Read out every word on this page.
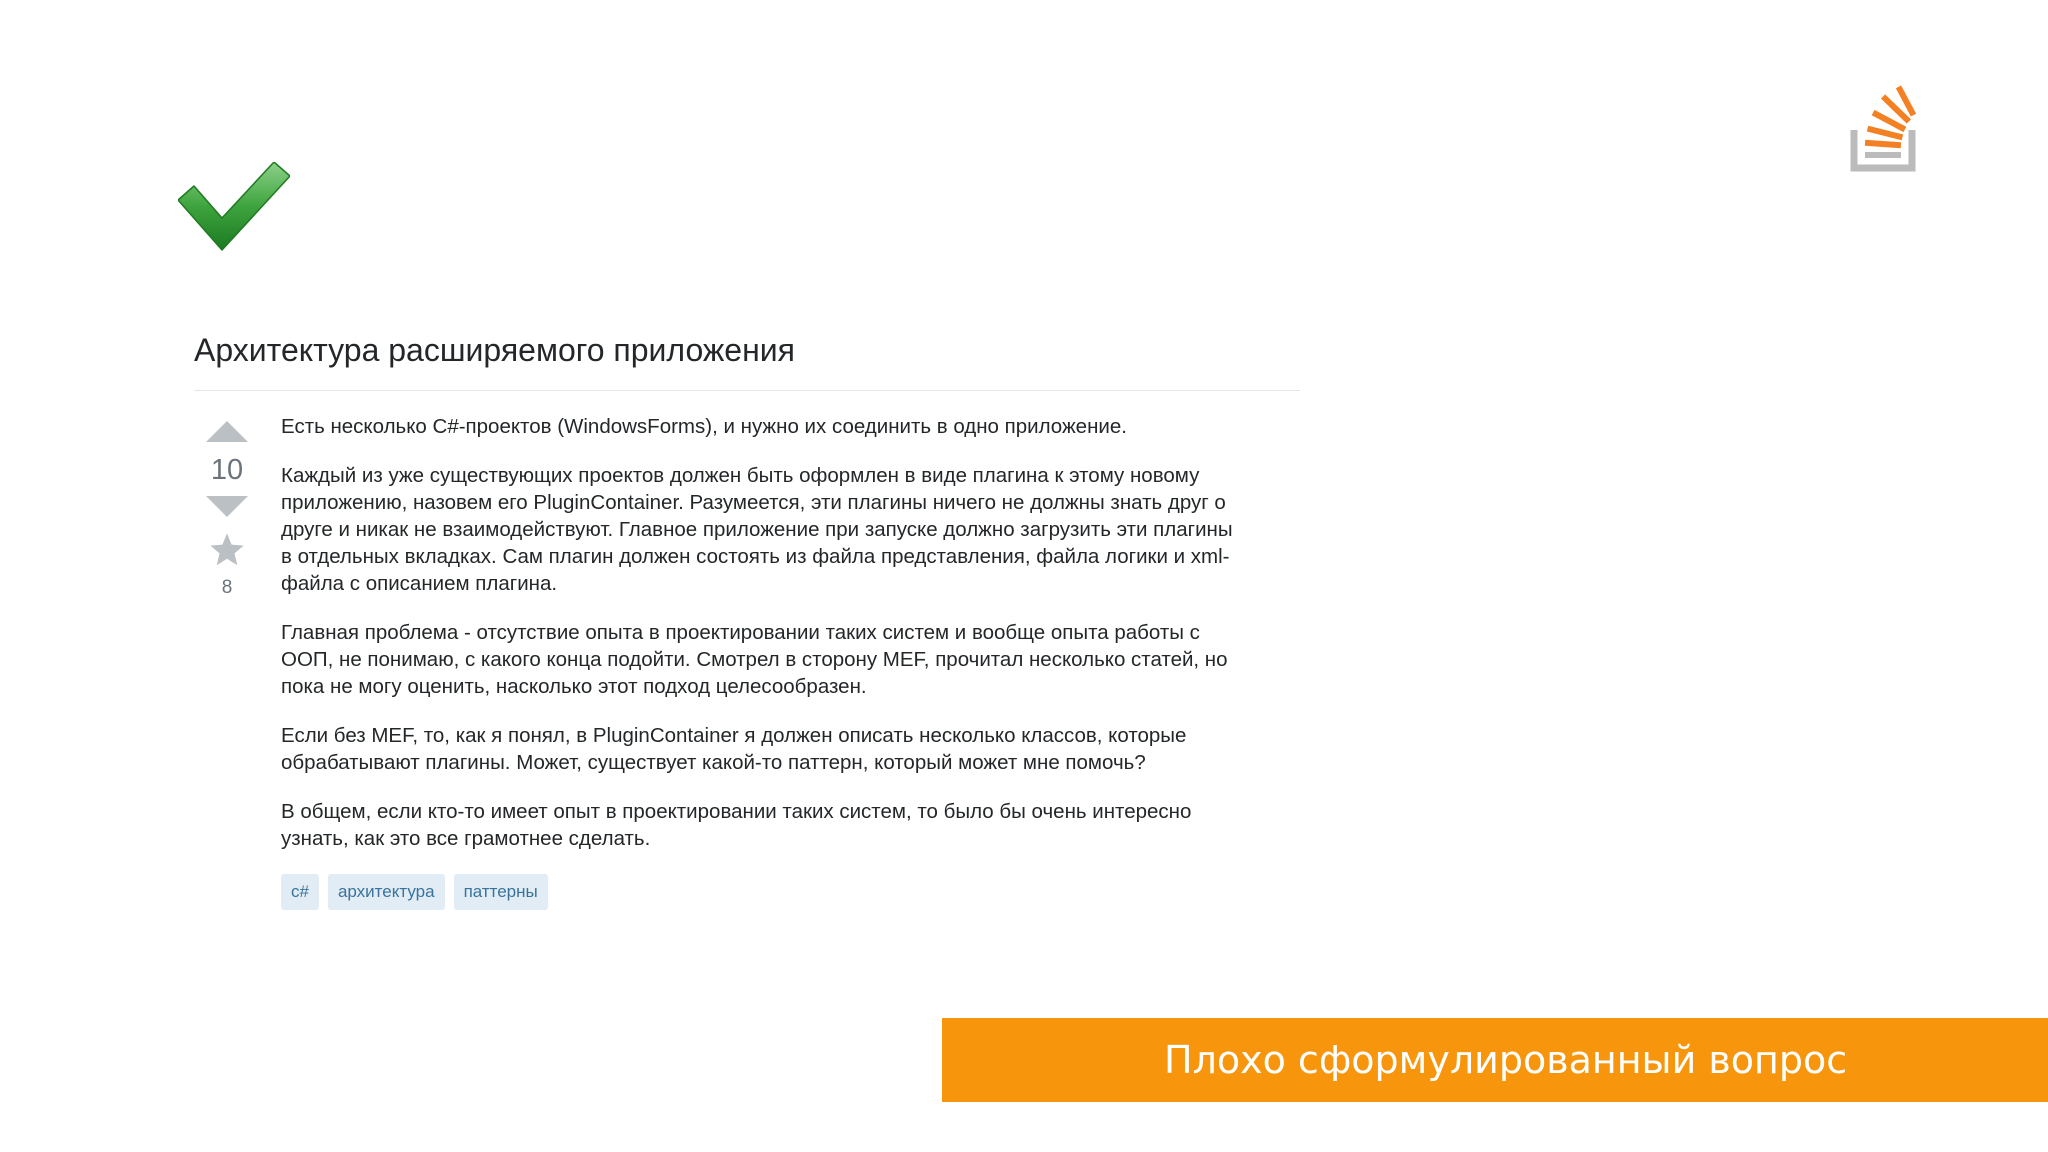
Архитектура расширяемого приложения
10
8

Есть несколько C#-проектов (WindowsForms), и нужно их соединить в одно приложение.

Каждый из уже существующих проектов должен быть оформлен в виде плагина к этому новому приложению, назовем его PluginContainer. Разумеется, эти плагины ничего не должны знать друг о друге и никак не взаимодействуют. Главное приложение при запуске должно загрузить эти плагины в отдельных вкладках. Сам плагин должен состоять из файла представления, файла логики и xml-файла с описанием плагина.

Главная проблема - отсутствие опыта в проектировании таких систем и вообще опыта работы с ООП, не понимаю, с какого конца подойти. Смотрел в сторону MEF, прочитал несколько статей, но пока не могу оценить, насколько этот подход целесообразен.

Если без MEF, то, как я понял, в PluginContainer я должен описать несколько классов, которые обрабатывают плагины. Может, существует какой-то паттерн, который может мне помочь?

В общем, если кто-то имеет опыт в проектировании таких систем, то было бы очень интересно узнать, как это все грамотнее сделать.

c#	архитектура	паттерны
Плохо сформулированный вопрос
